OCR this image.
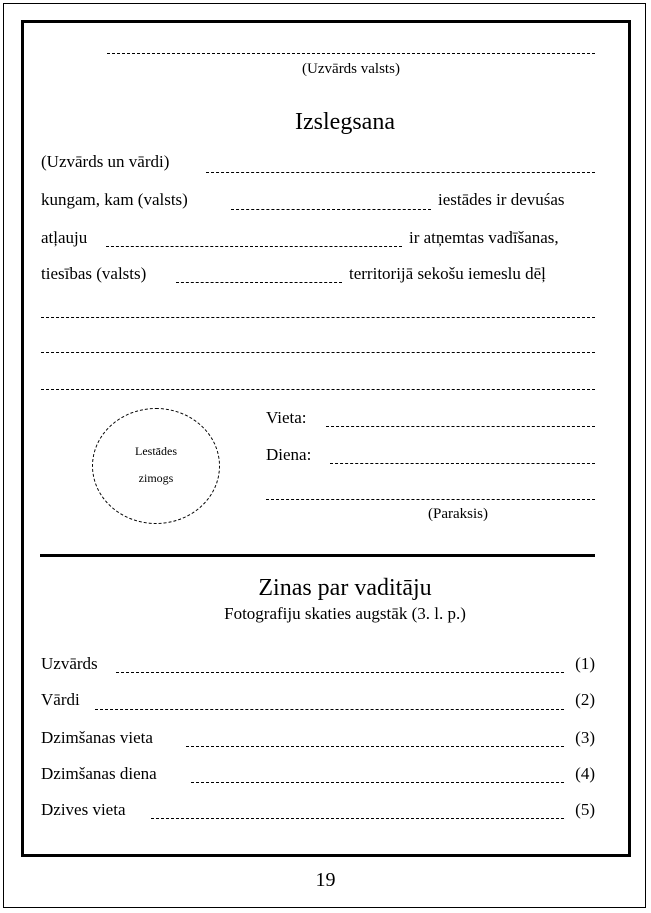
(Uzvārds valsts)
Izslegsana
(Uzvārds un vārdi)
kungam, kam (valsts)	iestādes ir devuśas
atļauju	ir atņemtas vadīšanas,
tiesības (valsts)	territorijā sekošu iemeslu dēļ
Lestādes
zimogs
Vieta:
Diena:
(Paraksis)
Zinas par vaditāju
Fotografiju skaties augstāk (3. l. p.)
Uzvārds	(1)
Vārdi	(2)
Dzimšanas vieta	(3)
Dzimšanas diena	(4)
Dzives vieta	(5)
19
